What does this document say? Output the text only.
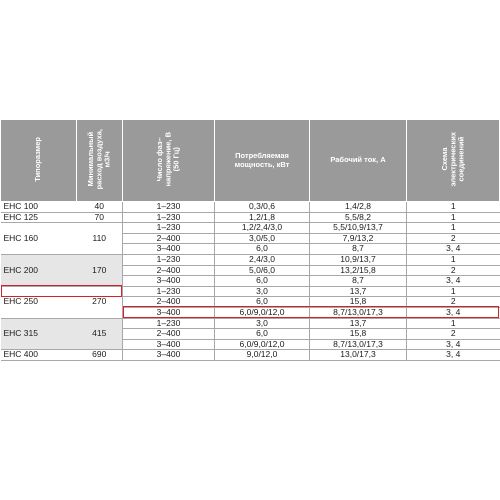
Типоразмер	Минимальный
расход воздуха,
м3/ч	Число фаз–
напряжение, В
(50 Гц)	Потребляемая
мощность, кВт	Рабочий ток, А	Схема
электрических
соединений
EHC 100	40	1–230	0,3/0,6	1,4/2,8	1
EHC 125	70	1–230	1,2/1,8	5,5/8,2	1
EHC 160	110	1–230	1,2/2,4/3,0	5,5/10,9/13,7	1
		2–400	3,0/5,0	7,9/13,2	2
		3–400	6,0	8,7	3, 4
EHC 200	170	1–230	2,4/3,0	10,9/13,7	1
		2–400	5,0/6,0	13,2/15,8	2
		3–400	6,0	8,7	3, 4
EHC 250	270	1–230	3,0	13,7	1
		2–400	6,0	15,8	2
		3–400	6,0/9,0/12,0	8,7/13,0/17,3	3, 4
EHC 315	415	1–230	3,0	13,7	1
		2–400	6,0	15,8	2
		3–400	6,0/9,0/12,0	8,7/13,0/17,3	3, 4
EHC 400	690	3–400	9,0/12,0	13,0/17,3	3, 4
